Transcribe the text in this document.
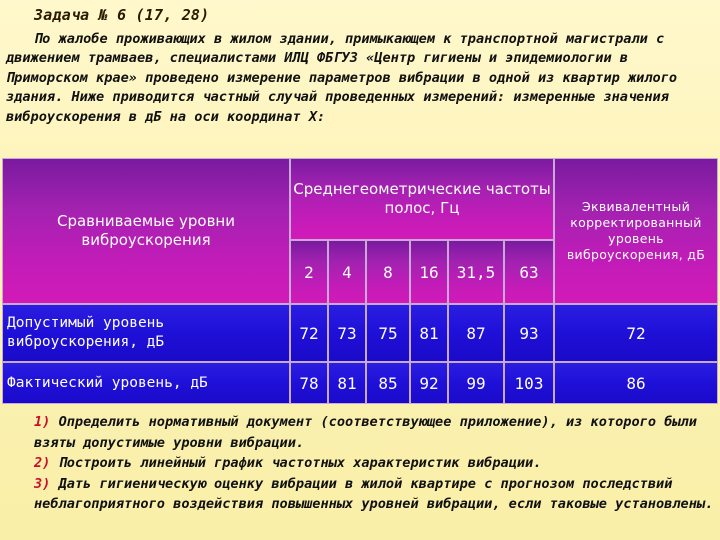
Задача № 6 (17, 28)

По жалобе проживающих в жилом здании, примыкающем к транспортной магистрали с движением трамваев, специалистами ИЛЦ ФБГУЗ «Центр гигиены и эпидемиологии в Приморском крае» проведено измерение параметров вибрации в одной из квартир жилого здания. Ниже приводится частный случай проведенных измерений: измеренные значения виброускорения в дБ на оси координат X:

Сравниваемые уровни виброускорения
Среднегеометрические частоты полос, Гц	Эквивалентный корректированный уровень виброускорения, дБ
2	4	8	16	31,5	63
Допустимый уровень виброускорения, дБ	72	73	75	81	87	93	72
Фактический уровень, дБ	78	81	85	92	99	103	86

1) Определить нормативный документ (соответствующее приложение), из которого были взяты допустимые уровни вибрации.

2) Построить линейный график частотных характеристик вибрации.

3) Дать гигиеническую оценку вибрации в жилой квартире с прогнозом последствий неблагоприятного воздействия повышенных уровней вибрации, если таковые установлены.
